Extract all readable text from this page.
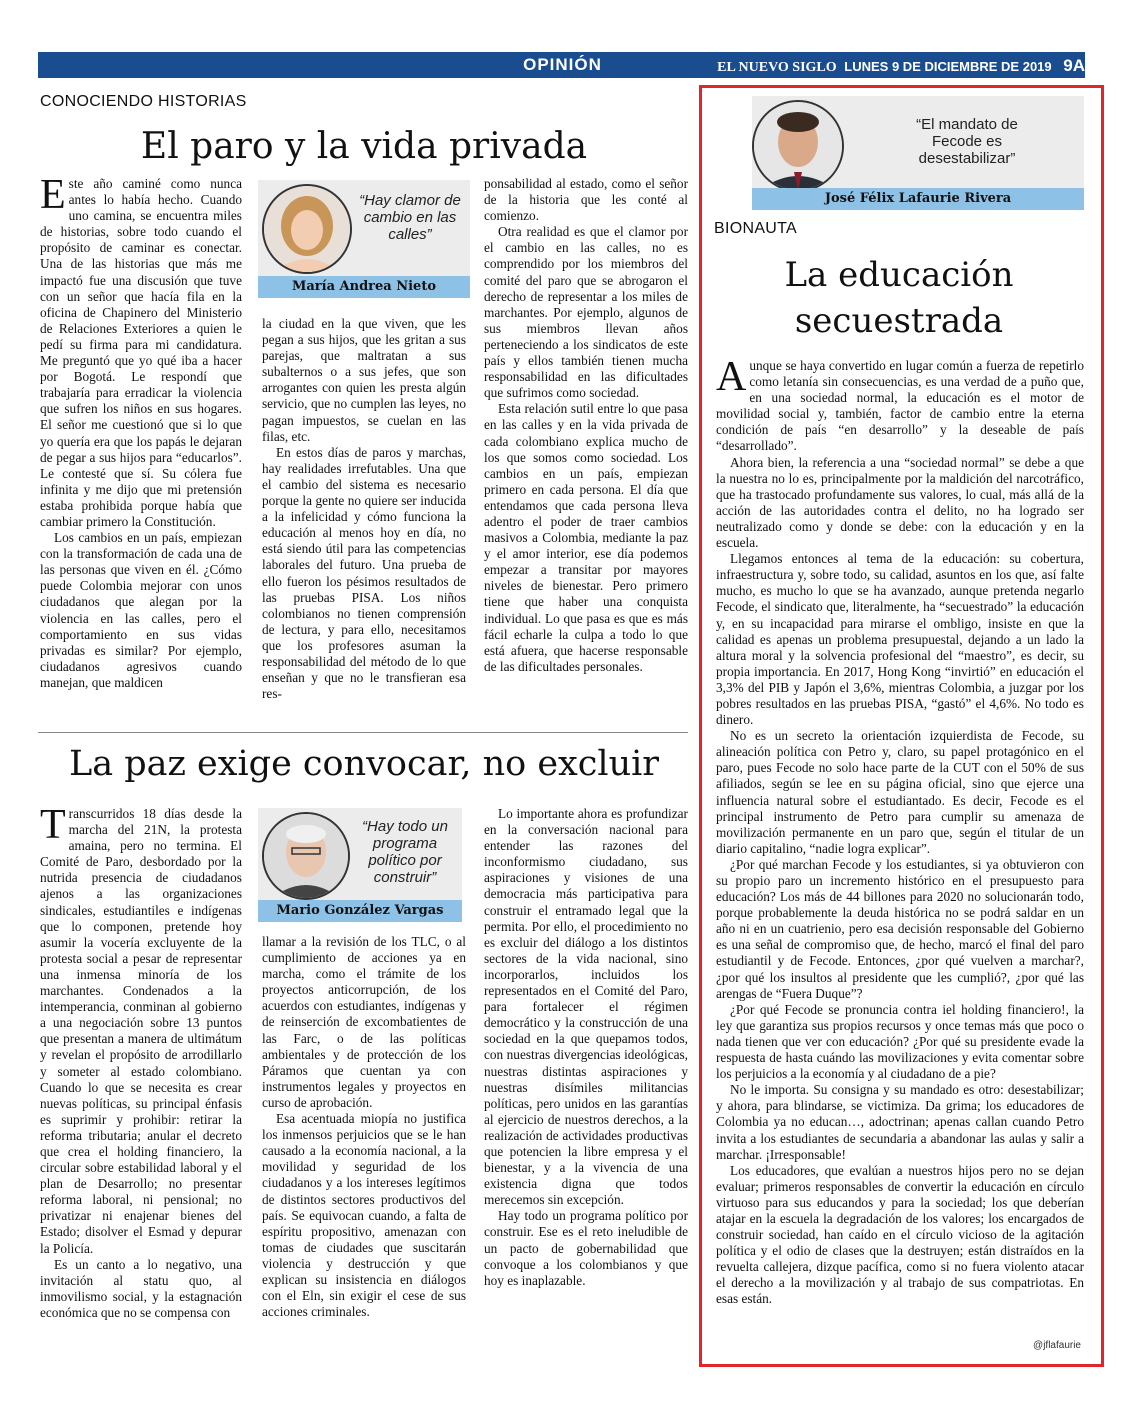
OPINIÓN	EL NUEVO SIGLO LUNES 9 DE DICIEMBRE DE 2019 9A
CONOCIENDO HISTORIAS
El paro y la vida privada

Este año caminé como nunca antes lo había hecho. Cuando uno camina, se encuentra miles de historias, sobre todo cuando el propósito de caminar es conectar. Una de las historias que más me impactó fue una discusión que tuve con un señor que hacía fila en la oficina de Chapinero del Ministerio de Relaciones Exteriores a quien le pedí su firma para mi candidatura. Me preguntó que yo qué iba a hacer por Bogotá. Le respondí que trabajaría para erradicar la violencia que sufren los niños en sus hogares. El señor me cuestionó que si lo que yo quería era que los papás le dejaran de pegar a sus hijos para “educarlos”. Le contesté que sí. Su cólera fue infinita y me dijo que mi pretensión estaba prohibida porque había que cambiar primero la Constitución.

Los cambios en un país, empiezan con la transformación de cada una de las personas que viven en él. ¿Cómo puede Colombia mejorar con unos ciudadanos que alegan por la violencia en las calles, pero el comportamiento en sus vidas privadas es similar? Por ejemplo, ciudadanos agresivos cuando manejan, que maldicen

“Hay clamor de cambio en las calles”
María Andrea Nieto

la ciudad en la que viven, que les pegan a sus hijos, que les gritan a sus parejas, que maltratan a sus subalternos o a sus jefes, que son arrogantes con quien les presta algún servicio, que no cumplen las leyes, no pagan impuestos, se cuelan en las filas, etc.

En estos días de paros y marchas, hay realidades irrefutables. Una que el cambio del sistema es necesario porque la gente no quiere ser inducida a la infelicidad y cómo funciona la educación al menos hoy en día, no está siendo útil para las competencias laborales del futuro. Una prueba de ello fueron los pésimos resultados de las pruebas PISA. Los niños colombianos no tienen comprensión de lectura, y para ello, necesitamos que los profesores asuman la responsabilidad del método de lo que enseñan y que no le transfieran esa res-

ponsabilidad al estado, como el señor de la historia que les conté al comienzo.

Otra realidad es que el clamor por el cambio en las calles, no es comprendido por los miembros del comité del paro que se abrogaron el derecho de representar a los miles de marchantes. Por ejemplo, algunos de sus miembros llevan años perteneciendo a los sindicatos de este país y ellos también tienen mucha responsabilidad en las dificultades que sufrimos como sociedad.

Esta relación sutil entre lo que pasa en las calles y en la vida privada de cada colombiano explica mucho de los que somos como sociedad. Los cambios en un país, empiezan primero en cada persona. El día que entendamos que cada persona lleva adentro el poder de traer cambios masivos a Colombia, mediante la paz y el amor interior, ese día podemos empezar a transitar por mayores niveles de bienestar. Pero primero tiene que haber una conquista individual. Lo que pasa es que es más fácil echarle la culpa a todo lo que está afuera, que hacerse responsable de las dificultades personales.

La paz exige convocar, no excluir

Transcurridos 18 días desde la marcha del 21N, la protesta amaina, pero no termina. El Comité de Paro, desbordado por la nutrida presencia de ciudadanos ajenos a las organizaciones sindicales, estudiantiles e indígenas que lo componen, pretende hoy asumir la vocería excluyente de la protesta social a pesar de representar una inmensa minoría de los marchantes. Condenados a la intemperancia, conminan al gobierno a una negociación sobre 13 puntos que presentan a manera de ultimátum y revelan el propósito de arrodillarlo y someter al estado colombiano. Cuando lo que se necesita es crear nuevas políticas, su principal énfasis es suprimir y prohibir: retirar la reforma tributaria; anular el decreto que crea el holding financiero, la circular sobre estabilidad laboral y el plan de Desarrollo; no presentar reforma laboral, ni pensional; no privatizar ni enajenar bienes del Estado; disolver el Esmad y depurar la Policía.

Es un canto a lo negativo, una invitación al statu quo, al inmovilismo social, y la estagnación económica que no se compensa con

“Hay todo un programa político por construir”
Mario González Vargas

llamar a la revisión de los TLC, o al cumplimiento de acciones ya en marcha, como el trámite de los proyectos anticorrupción, de los acuerdos con estudiantes, indígenas y de reinserción de excombatientes de las Farc, o de las políticas ambientales y de protección de los Páramos que cuentan ya con instrumentos legales y proyectos en curso de aprobación.

Esa acentuada miopía no justifica los inmensos perjuicios que se le han causado a la economía nacional, a la movilidad y seguridad de los ciudadanos y a los intereses legítimos de distintos sectores productivos del país. Se equivocan cuando, a falta de espíritu propositivo, amenazan con tomas de ciudades que suscitarán violencia y destrucción y que explican su insistencia en diálogos con el Eln, sin exigir el cese de sus acciones criminales.

Lo importante ahora es profundizar en la conversación nacional para entender las razones del inconformismo ciudadano, sus aspiraciones y visiones de una democracia más participativa para construir el entramado legal que la permita. Por ello, el procedimiento no es excluir del diálogo a los distintos sectores de la vida nacional, sino incorporarlos, incluidos los representados en el Comité del Paro, para fortalecer el régimen democrático y la construcción de una sociedad en la que quepamos todos, con nuestras divergencias ideológicas, nuestras distintas aspiraciones y nuestras disímiles militancias políticas, pero unidos en las garantías al ejercicio de nuestros derechos, a la realización de actividades productivas que potencien la libre empresa y el bienestar, y a la vivencia de una existencia digna que todos merecemos sin excepción.

Hay todo un programa político por construir. Ese es el reto ineludible de un pacto de gobernabilidad que convoque a los colombianos y que hoy es inaplazable.

“El mandato de Fecode es desestabilizar”
José Félix Lafaurie Rivera
BIONAUTA
La educación
secuestrada

Aunque se haya convertido en lugar común a fuerza de repetirlo como letanía sin consecuencias, es una verdad de a puño que, en una sociedad normal, la educación es el motor de movilidad social y, también, factor de cambio entre la eterna condición de país “en desarrollo” y la deseable de país “desarrollado”.

Ahora bien, la referencia a una “sociedad normal” se debe a que la nuestra no lo es, principalmente por la maldición del narcotráfico, que ha trastocado profundamente sus valores, lo cual, más allá de la acción de las autoridades contra el delito, no ha logrado ser neutralizado como y donde se debe: con la educación y en la escuela.

Llegamos entonces al tema de la educación: su cobertura, infraestructura y, sobre todo, su calidad, asuntos en los que, así falte mucho, es mucho lo que se ha avanzado, aunque pretenda negarlo Fecode, el sindicato que, literalmente, ha “secuestrado” la educación y, en su incapacidad para mirarse el ombligo, insiste en que la calidad es apenas un problema presupuestal, dejando a un lado la altura moral y la solvencia profesional del “maestro”, es decir, su propia importancia. En 2017, Hong Kong “invirtió” en educación el 3,3% del PIB y Japón el 3,6%, mientras Colombia, a juzgar por los pobres resultados en las pruebas PISA, “gastó” el 4,6%. No todo es dinero.

No es un secreto la orientación izquierdista de Fecode, su alineación política con Petro y, claro, su papel protagónico en el paro, pues Fecode no solo hace parte de la CUT con el 50% de sus afiliados, según se lee en su página oficial, sino que ejerce una influencia natural sobre el estudiantado. Es decir, Fecode es el principal instrumento de Petro para cumplir su amenaza de movilización permanente en un paro que, según el titular de un diario capitalino, “nadie logra explicar”.

¿Por qué marchan Fecode y los estudiantes, si ya obtuvieron con su propio paro un incremento histórico en el presupuesto para educación? Los más de 44 billones para 2020 no solucionarán todo, porque probablemente la deuda histórica no se podrá saldar en un año ni en un cuatrienio, pero esa decisión responsable del Gobierno es una señal de compromiso que, de hecho, marcó el final del paro estudiantil y de Fecode. Entonces, ¿por qué vuelven a marchar?, ¿por qué los insultos al presidente que les cumplió?, ¿por qué las arengas de “Fuera Duque”?

¿Por qué Fecode se pronuncia contra iel holding financiero!, la ley que garantiza sus propios recursos y once temas más que poco o nada tienen que ver con educación? ¿Por qué su presidente evade la respuesta de hasta cuándo las movilizaciones y evita comentar sobre los perjuicios a la economía y al ciudadano de a pie?

No le importa. Su consigna y su mandado es otro: desestabilizar; y ahora, para blindarse, se victimiza. Da grima; los educadores de Colombia ya no educan…, adoctrinan; apenas callan cuando Petro invita a los estudiantes de secundaria a abandonar las aulas y salir a marchar. ¡Irresponsable!

Los educadores, que evalúan a nuestros hijos pero no se dejan evaluar; primeros responsables de convertir la educación en círculo virtuoso para sus educandos y para la sociedad; los que deberían atajar en la escuela la degradación de los valores; los encargados de construir sociedad, han caído en el círculo vicioso de la agitación política y el odio de clases que la destruyen; están distraídos en la revuelta callejera, dizque pacífica, como si no fuera violento atacar el derecho a la movilización y al trabajo de sus compatriotas. En esas están.

@jflafaurie
